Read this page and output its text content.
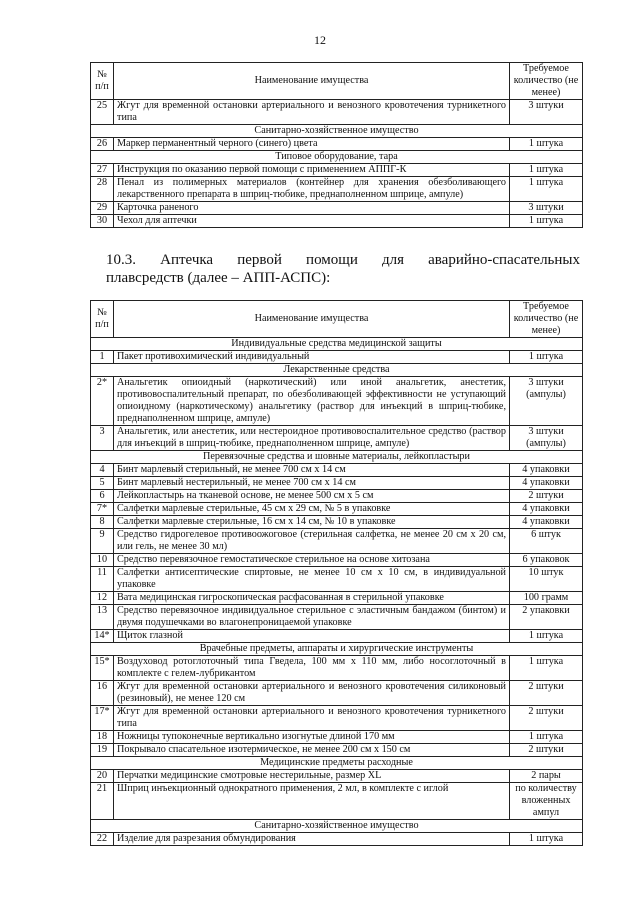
12
№ п/п	Наименование имущества	Требуемое количество (не менее)
25	Жгут для временной остановки артериального и венозного кровотечения турникетного типа	3 штуки
Санитарно-хозяйственное имущество		
26	Маркер перманентный черного (синего) цвета	1 штука
Типовое оборудование, тара		
27	Инструкция по оказанию первой помощи с применением АППГ-К	1 штука
28	Пенал из полимерных материалов (контейнер для хранения обезболивающего лекарственного препарата в шприц-тюбике, преднаполненном шприце, ампуле)	1 штука
29	Карточка раненого	3 штуки
30	Чехол для аптечки	1 штука
10.3. Аптечка первой помощи для аварийно-спасательных
плавсредств (далее – АПП-АСПС):
№ п/п	Наименование имущества	Требуемое количество (не менее)
Индивидуальные средства медицинской защиты		
1	Пакет противохимический индивидуальный	1 штука
Лекарственные средства		
2*	Анальгетик опиоидный (наркотический) или иной анальгетик, анестетик, противовоспалительный препарат, по обезболивающей эффективности не уступающий опиоидному (наркотическому) анальгетику (раствор для инъекций в шприц-тюбике, преднаполненном шприце, ампуле)	3 штуки (ампулы)
3	Анальгетик, или анестетик, или нестероидное противовоспалительное средство (раствор для инъекций в шприц-тюбике, преднаполненном шприце, ампуле)	3 штуки (ампулы)
Перевязочные средства и шовные материалы, лейкопластыри		
4	Бинт марлевый стерильный, не менее 700 см х 14 см	4 упаковки
5	Бинт марлевый нестерильный, не менее 700 см х 14 см	4 упаковки
6	Лейкопластырь на тканевой основе, не менее 500 см х 5 см	2 штуки
7*	Салфетки марлевые стерильные, 45 см х 29 см, № 5 в упаковке	4 упаковки
8	Салфетки марлевые стерильные, 16 см х 14 см, № 10 в упаковке	4 упаковки
9	Средство гидрогелевое противоожоговое (стерильная салфетка, не менее 20 см х 20 см, или гель, не менее 30 мл)	6 штук
10	Средство перевязочное гемостатическое стерильное на основе хитозана	6 упаковок
11	Салфетки антисептические спиртовые, не менее 10 см х 10 см, в индивидуальной упаковке	10 штук
12	Вата медицинская гигроскопическая расфасованная в стерильной упаковке	100 грамм
13	Средство перевязочное индивидуальное стерильное с эластичным бандажом (бинтом) и двумя подушечками во влагонепроницаемой упаковке	2 упаковки
14*	Щиток глазной	1 штука
Врачебные предметы, аппараты и хирургические инструменты		
15*	Воздуховод ротоглоточный типа Гведела, 100 мм х 110 мм, либо носоглоточный в комплекте с гелем-лубрикантом	1 штука
16	Жгут для временной остановки артериального и венозного кровотечения силиконовый (резиновый), не менее 120 см	2 штуки
17*	Жгут для временной остановки артериального и венозного кровотечения турникетного типа	2 штуки
18	Ножницы тупоконечные вертикально изогнутые длиной 170 мм	1 штука
19	Покрывало спасательное изотермическое, не менее 200 см х 150 см	2 штуки
Медицинские предметы расходные		
20	Перчатки медицинские смотровые нестерильные, размер XL	2 пары
21	Шприц инъекционный однократного применения, 2 мл, в комплекте с иглой	по количеству вложенных ампул
Санитарно-хозяйственное имущество		
22	Изделие для разрезания обмундирования	1 штука
